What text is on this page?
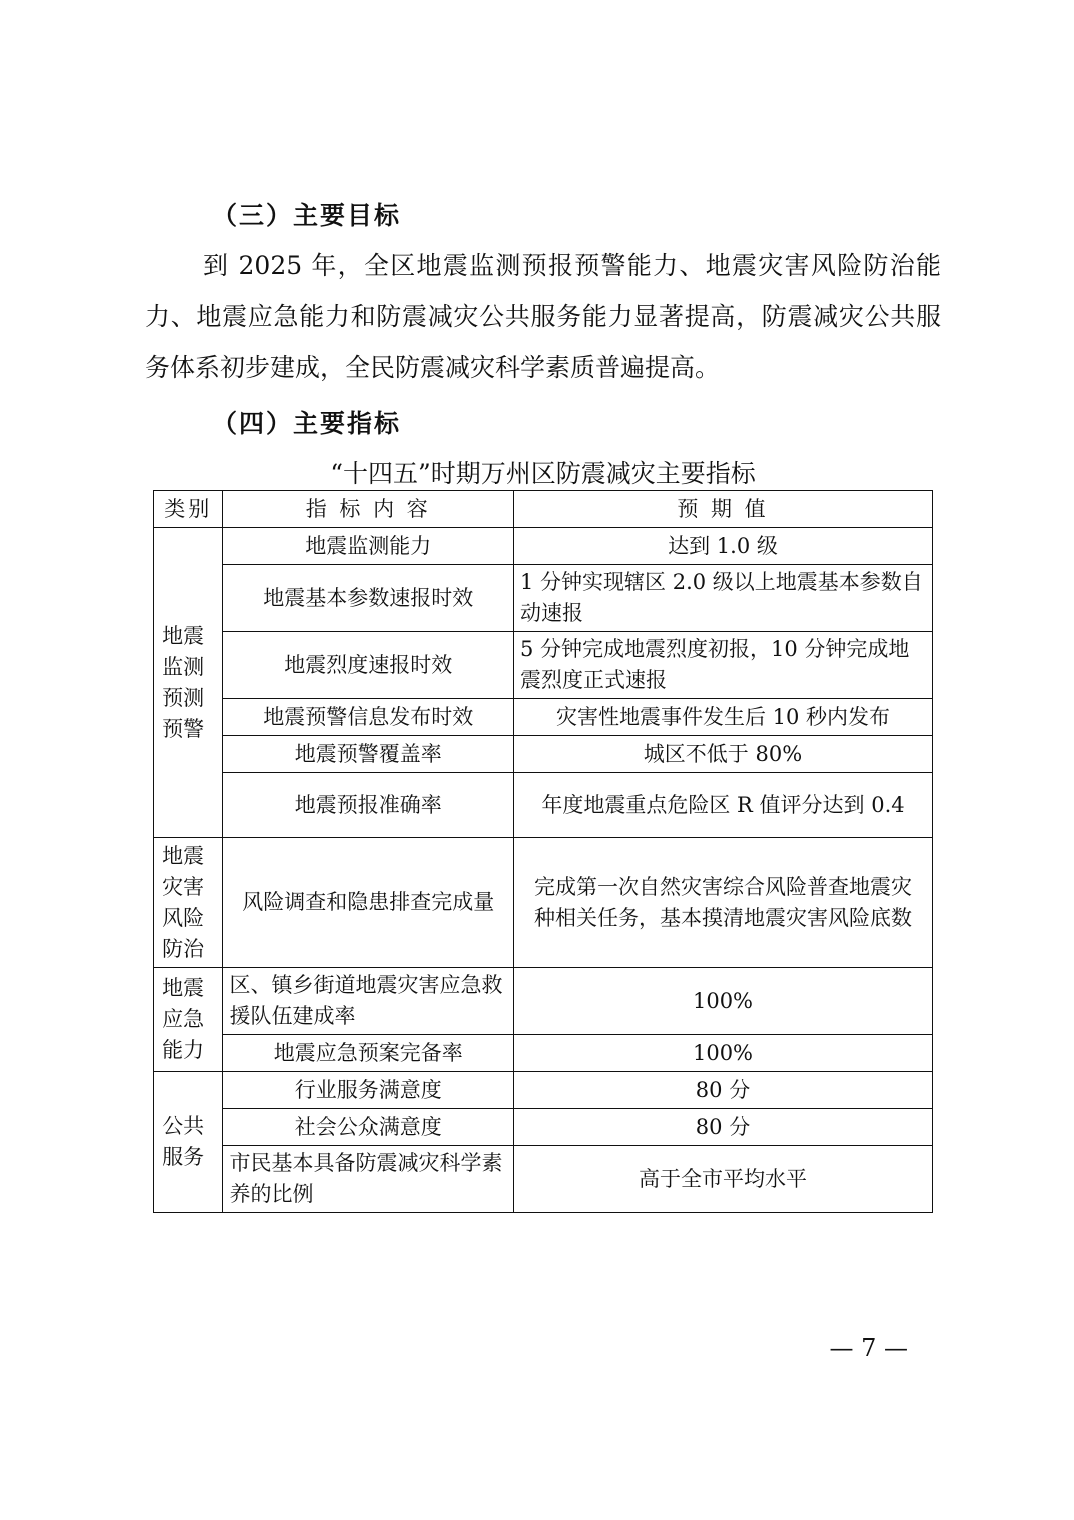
（三）主要目标

到 2025 年，全区地震监测预报预警能力、地震灾害风险防治能力、地震应急能力和防震减灾公共服务能力显著提高，防震减灾公共服务体系初步建成，全民防震减灾科学素质普遍提高。

（四）主要指标

“十四五”时期万州区防震减灾主要指标

类别	指 标 内 容	预 期 值

地震监测预测预警	地震监测能力	达到 1.0 级
	地震基本参数速报时效	1 分钟实现辖区 2.0 级以上地震基本参数自动速报
	地震烈度速报时效	5 分钟完成地震烈度初报，10 分钟完成地震烈度正式速报
	地震预警信息发布时效	灾害性地震事件发生后 10 秒内发布
	地震预警覆盖率	城区不低于 80%
	地震预报准确率	年度地震重点危险区 R 值评分达到 0.4

地震灾害风险防治	风险调查和隐患排查完成量	完成第一次自然灾害综合风险普查地震灾种相关任务，基本摸清地震灾害风险底数

地震应急能力	区、镇乡街道地震灾害应急救援队伍建成率	100%
	地震应急预案完备率	100%

公共服务	行业服务满意度	80 分
	社会公众满意度	80 分
	市民基本具备防震减灾科学素养的比例	高于全市平均水平

— 7 —
